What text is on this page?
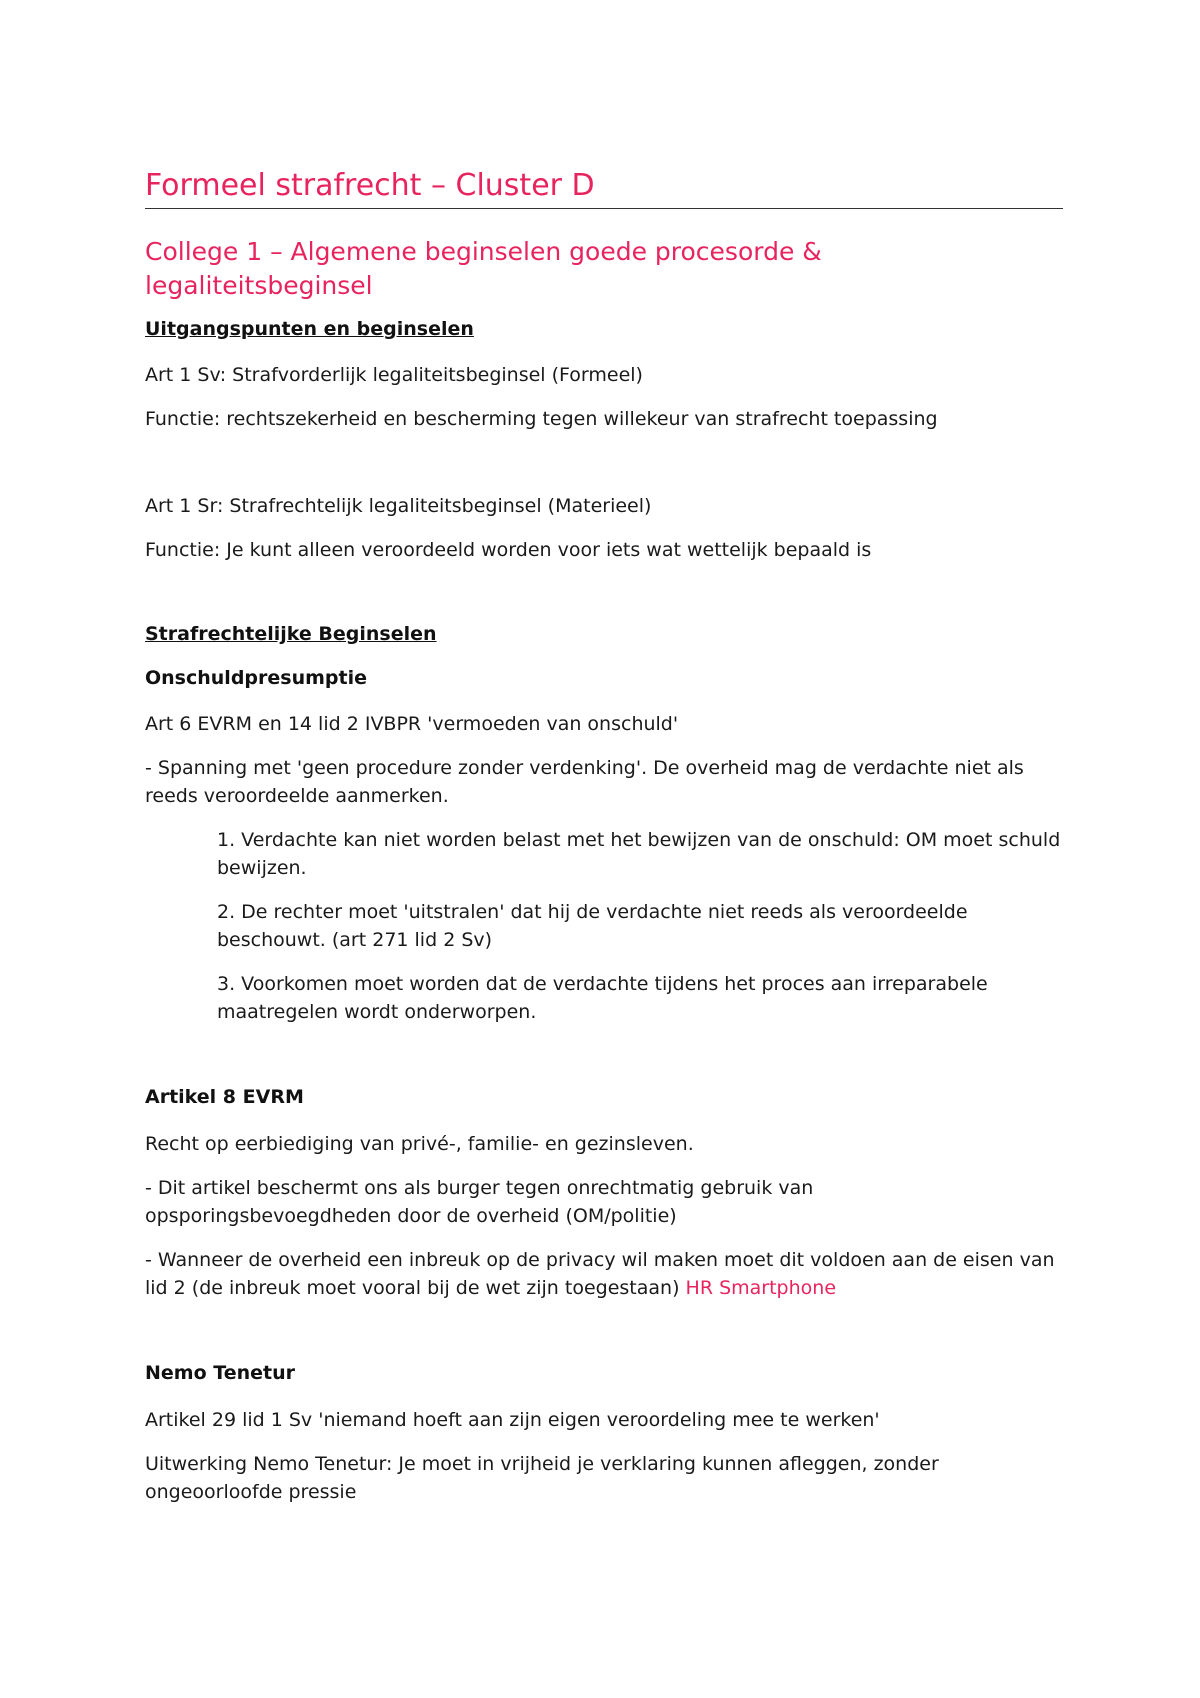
Formeel strafrecht – Cluster D
College 1 – Algemene beginselen goede procesorde & legaliteitsbeginsel

Uitgangspunten en beginselen

Art 1 Sv: Strafvorderlijk legaliteitsbeginsel (Formeel)

Functie: rechtszekerheid en bescherming tegen willekeur van strafrecht toepassing

Art 1 Sr: Strafrechtelijk legaliteitsbeginsel (Materieel)

Functie: Je kunt alleen veroordeeld worden voor iets wat wettelijk bepaald is

Strafrechtelijke Beginselen

Onschuldpresumptie

Art 6 EVRM en 14 lid 2 IVBPR 'vermoeden van onschuld'

- Spanning met 'geen procedure zonder verdenking'. De overheid mag de verdachte niet als reeds veroordeelde aanmerken.

1. Verdachte kan niet worden belast met het bewijzen van de onschuld: OM moet schuld bewijzen.

2. De rechter moet 'uitstralen' dat hij de verdachte niet reeds als veroordeelde beschouwt. (art 271 lid 2 Sv)

3. Voorkomen moet worden dat de verdachte tijdens het proces aan irreparabele maatregelen wordt onderworpen.

Artikel 8 EVRM

Recht op eerbiediging van privé-, familie- en gezinsleven.

- Dit artikel beschermt ons als burger tegen onrechtmatig gebruik van opsporingsbevoegdheden door de overheid (OM/politie)

- Wanneer de overheid een inbreuk op de privacy wil maken moet dit voldoen aan de eisen van lid 2 (de inbreuk moet vooral bij de wet zijn toegestaan) HR Smartphone

Nemo Tenetur

Artikel 29 lid 1 Sv 'niemand hoeft aan zijn eigen veroordeling mee te werken'

Uitwerking Nemo Tenetur: Je moet in vrijheid je verklaring kunnen afleggen, zonder ongeoorloofde pressie
